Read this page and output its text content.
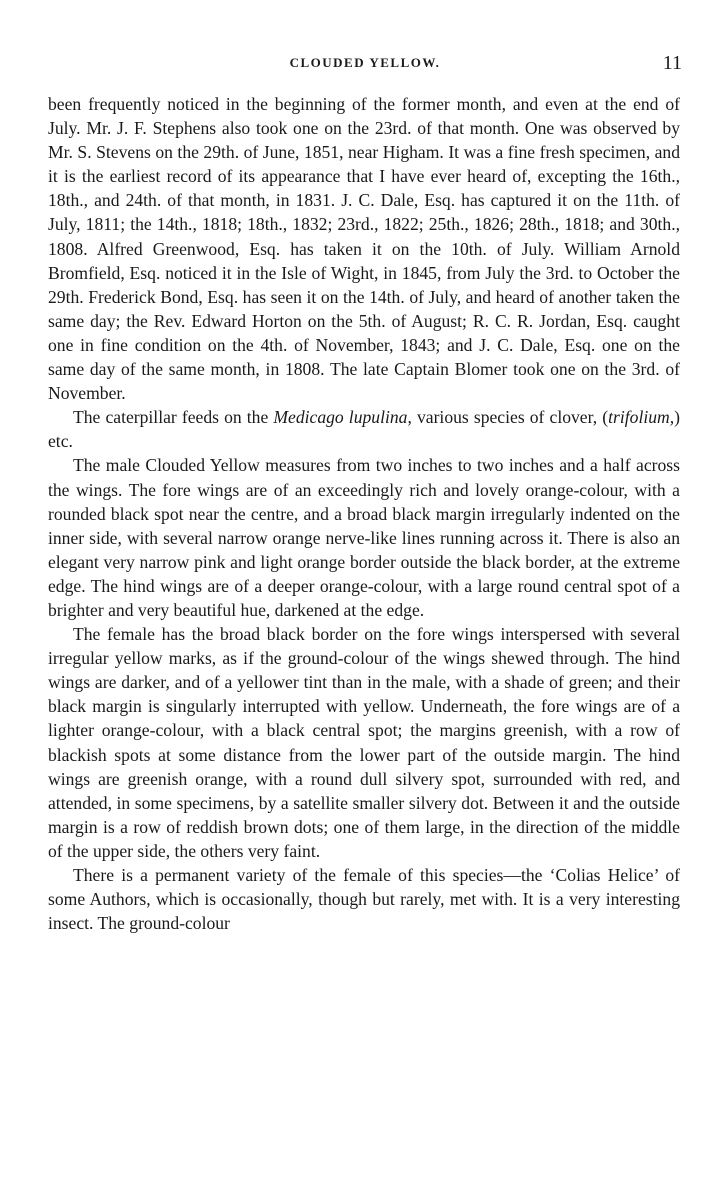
CLOUDED YELLOW.	11

been frequently noticed in the beginning of the former month, and even at the end of July. Mr. J. F. Stephens also took one on the 23rd. of that month. One was observed by Mr. S. Stevens on the 29th. of June, 1851, near Higham. It was a fine fresh specimen, and it is the earliest record of its appearance that I have ever heard of, excepting the 16th., 18th., and 24th. of that month, in 1831. J. C. Dale, Esq. has captured it on the 11th. of July, 1811; the 14th., 1818; 18th., 1832; 23rd., 1822; 25th., 1826; 28th., 1818; and 30th., 1808. Alfred Greenwood, Esq. has taken it on the 10th. of July. William Arnold Bromfield, Esq. noticed it in the Isle of Wight, in 1845, from July the 3rd. to October the 29th. Frederick Bond, Esq. has seen it on the 14th. of July, and heard of another taken the same day; the Rev. Edward Horton on the 5th. of August; R. C. R. Jordan, Esq. caught one in fine condition on the 4th. of November, 1843; and J. C. Dale, Esq. one on the same day of the same month, in 1808. The late Captain Blomer took one on the 3rd. of November.

The caterpillar feeds on the Medicago lupulina, various species of clover, (trifolium,) etc.

The male Clouded Yellow measures from two inches to two inches and a half across the wings. The fore wings are of an exceedingly rich and lovely orange-colour, with a rounded black spot near the centre, and a broad black margin irregularly indented on the inner side, with several narrow orange nerve-like lines running across it. There is also an elegant very narrow pink and light orange border outside the black border, at the extreme edge. The hind wings are of a deeper orange-colour, with a large round central spot of a brighter and very beautiful hue, darkened at the edge.

The female has the broad black border on the fore wings interspersed with several irregular yellow marks, as if the ground-colour of the wings shewed through. The hind wings are darker, and of a yellower tint than in the male, with a shade of green; and their black margin is singularly interrupted with yellow. Underneath, the fore wings are of a lighter orange-colour, with a black central spot; the margins greenish, with a row of blackish spots at some distance from the lower part of the outside margin. The hind wings are greenish orange, with a round dull silvery spot, surrounded with red, and attended, in some specimens, by a satellite smaller silvery dot. Between it and the outside margin is a row of reddish brown dots; one of them large, in the direction of the middle of the upper side, the others very faint.

There is a permanent variety of the female of this species—the ‘Colias Helice’ of some Authors, which is occasionally, though but rarely, met with. It is a very interesting insect. The ground-colour
